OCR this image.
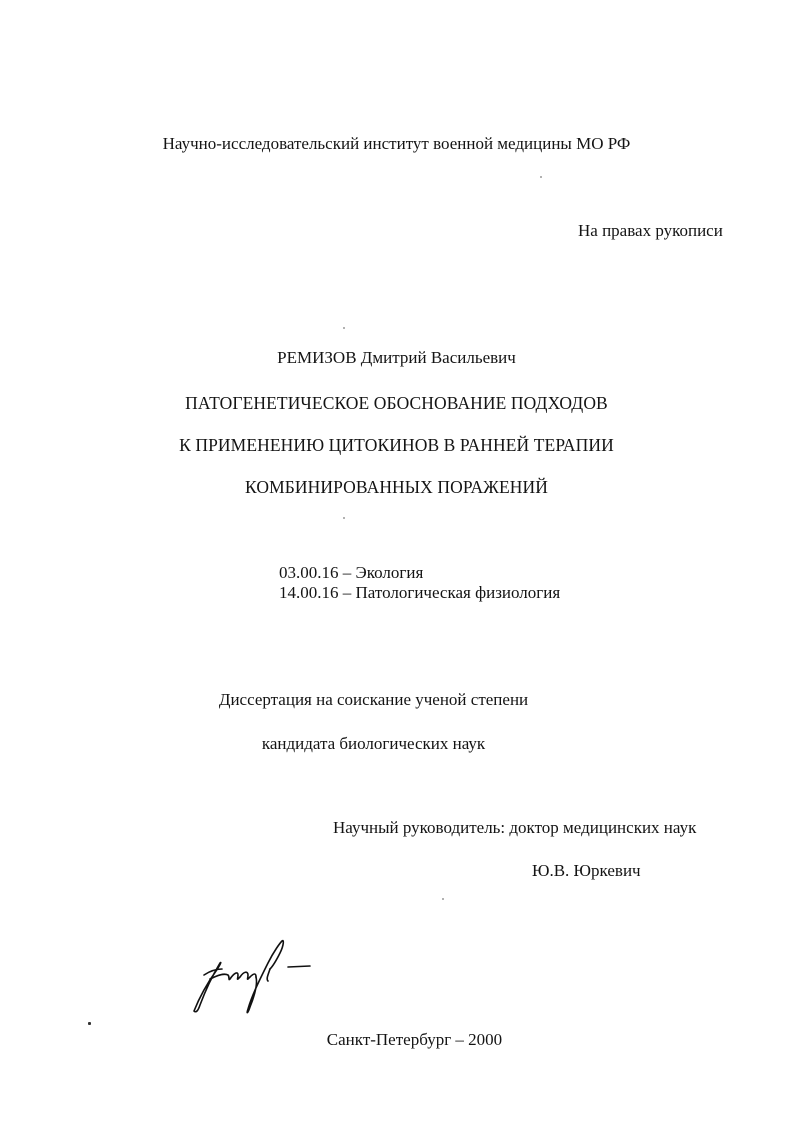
Научно-исследовательский институт военной медицины МО РФ
На правах рукописи
РЕМИЗОВ Дмитрий Васильевич
ПАТОГЕНЕТИЧЕСКОЕ ОБОСНОВАНИЕ ПОДХОДОВ
К ПРИМЕНЕНИЮ ЦИТОКИНОВ В РАННЕЙ ТЕРАПИИ
КОМБИНИРОВАННЫХ ПОРАЖЕНИЙ
03.00.16 – Экология
14.00.16 – Патологическая физиология
Диссертация на соискание ученой степени
кандидата биологических наук
Научный руководитель: доктор медицинских наук
Ю.В. Юркевич
Санкт-Петербург – 2000
